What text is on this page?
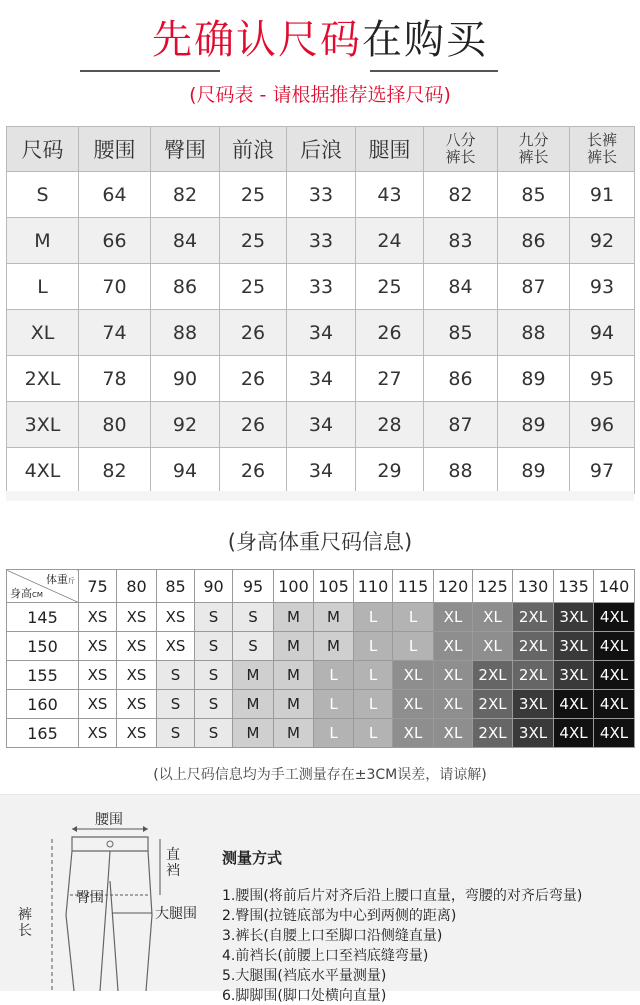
先确认尺码在购买
(尺码表 - 请根据推荐选择尺码)
尺码	腰围	臀围	前浪	后浪	腿围	八分裤长	九分裤长	长裤裤长

S	64	82	25	33	43	82	85	91
M	66	84	25	33	24	83	86	92
L	70	86	25	33	25	84	87	93
XL	74	88	26	34	26	85	88	94
2XL	78	90	26	34	27	86	89	95
3XL	80	92	26	34	28	87	89	96
4XL	82	94	26	34	29	88	89	97
(身高体重尺码信息)
体重斤
身高CM	75	80	85	90	95	100	105	110	115	120	125	130	135	140
145	XS	XS	XS	S	S	M	M	L	L	XL	XL	2XL	3XL	4XL
150	XS	XS	XS	S	S	M	M	L	L	XL	XL	2XL	3XL	4XL
155	XS	XS	S	S	M	M	L	L	XL	XL	2XL	2XL	3XL	4XL
160	XS	XS	S	S	M	M	L	L	XL	XL	2XL	3XL	4XL	4XL
165	XS	XS	S	S	M	M	L	L	XL	XL	2XL	3XL	4XL	4XL
(以上尺码信息均为手工测量存在±3CM误差，请谅解)
腰围
直裆
臀围
大腿围
裤长
测量方式
1.腰围(将前后片对齐后沿上腰口直量，弯腰的对齐后弯量)
2.臀围(拉链底部为中心到两侧的距离)
3.裤长(自腰上口至脚口沿侧缝直量)
4.前裆长(前腰上口至裆底缝弯量)
5.大腿围(裆底水平量测量)
6.脚脚围(脚口处横向直量)
